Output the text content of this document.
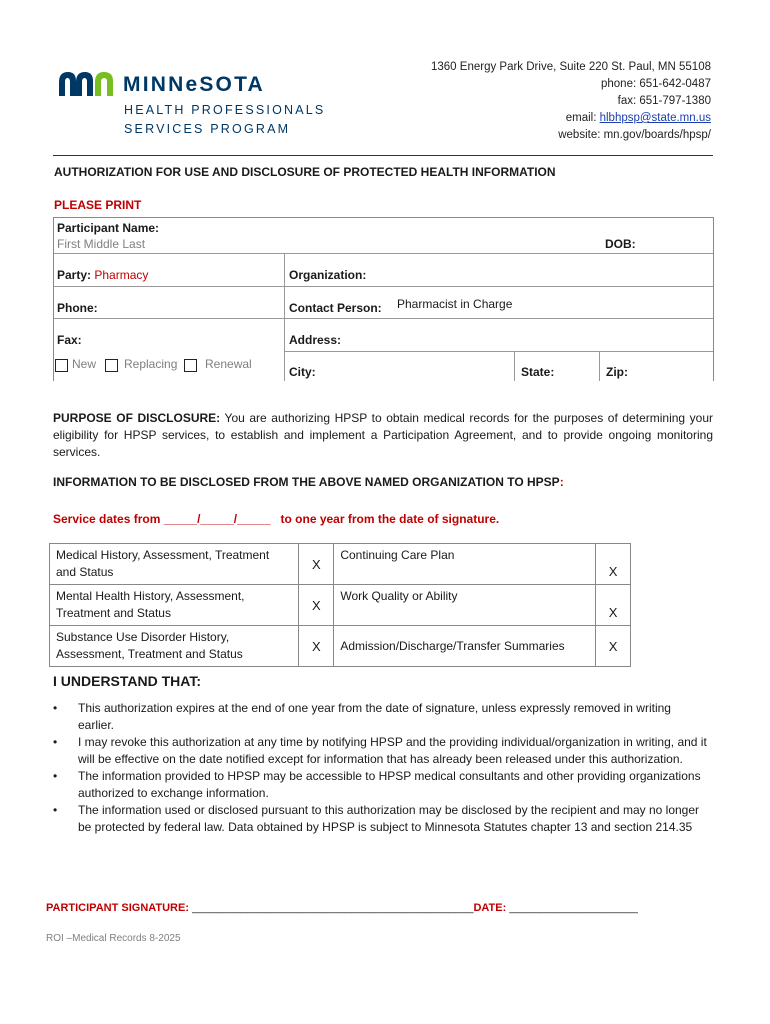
MINNeSOTA
HEALTH PROFESSIONALS
SERVICES PROGRAM
1360 Energy Park Drive, Suite 220 St. Paul, MN 55108
phone: 651-642-0487
fax: 651-797-1380
email: hlbhpsp@state.mn.us
website: mn.gov/boards/hpsp/
AUTHORIZATION FOR USE AND DISCLOSURE OF PROTECTED HEALTH INFORMATION
PLEASE PRINT
Participant Name:
First Middle Last	DOB:
Party: Pharmacy	Organization:
Phone:	Contact Person: Pharmacist in Charge
Fax:	Address:
New Replacing Renewal
City:	State:	Zip:
PURPOSE OF DISCLOSURE: You are authorizing HPSP to obtain medical records for the purposes of determining your eligibility for HPSP services, to establish and implement a Participation Agreement, and to provide ongoing monitoring services.
INFORMATION TO BE DISCLOSED FROM THE ABOVE NAMED ORGANIZATION TO HPSP:
Service dates from _____/_____/_____   to one year from the date of signature.
Medical History, Assessment, Treatment and Status	X	Continuing Care Plan	X
Mental Health History, Assessment, Treatment and Status	X	Work Quality or Ability	X
Substance Use Disorder History, Assessment, Treatment and Status	X	Admission/Discharge/Transfer Summaries	X
I UNDERSTAND THAT:
• This authorization expires at the end of one year from the date of signature, unless expressly removed in writing earlier.
• I may revoke this authorization at any time by notifying HPSP and the providing individual/organization in writing, and it will be effective on the date notified except for information that has already been released under this authorization.
• The information provided to HPSP may be accessible to HPSP medical consultants and other providing organizations authorized to exchange information.
• The information used or disclosed pursuant to this authorization may be disclosed by the recipient and may no longer be protected by federal law. Data obtained by HPSP is subject to Minnesota Statutes chapter 13 and section 214.35
PARTICIPANT SIGNATURE: ______________________________________________DATE: _____________________
ROI –Medical Records 8-2025
